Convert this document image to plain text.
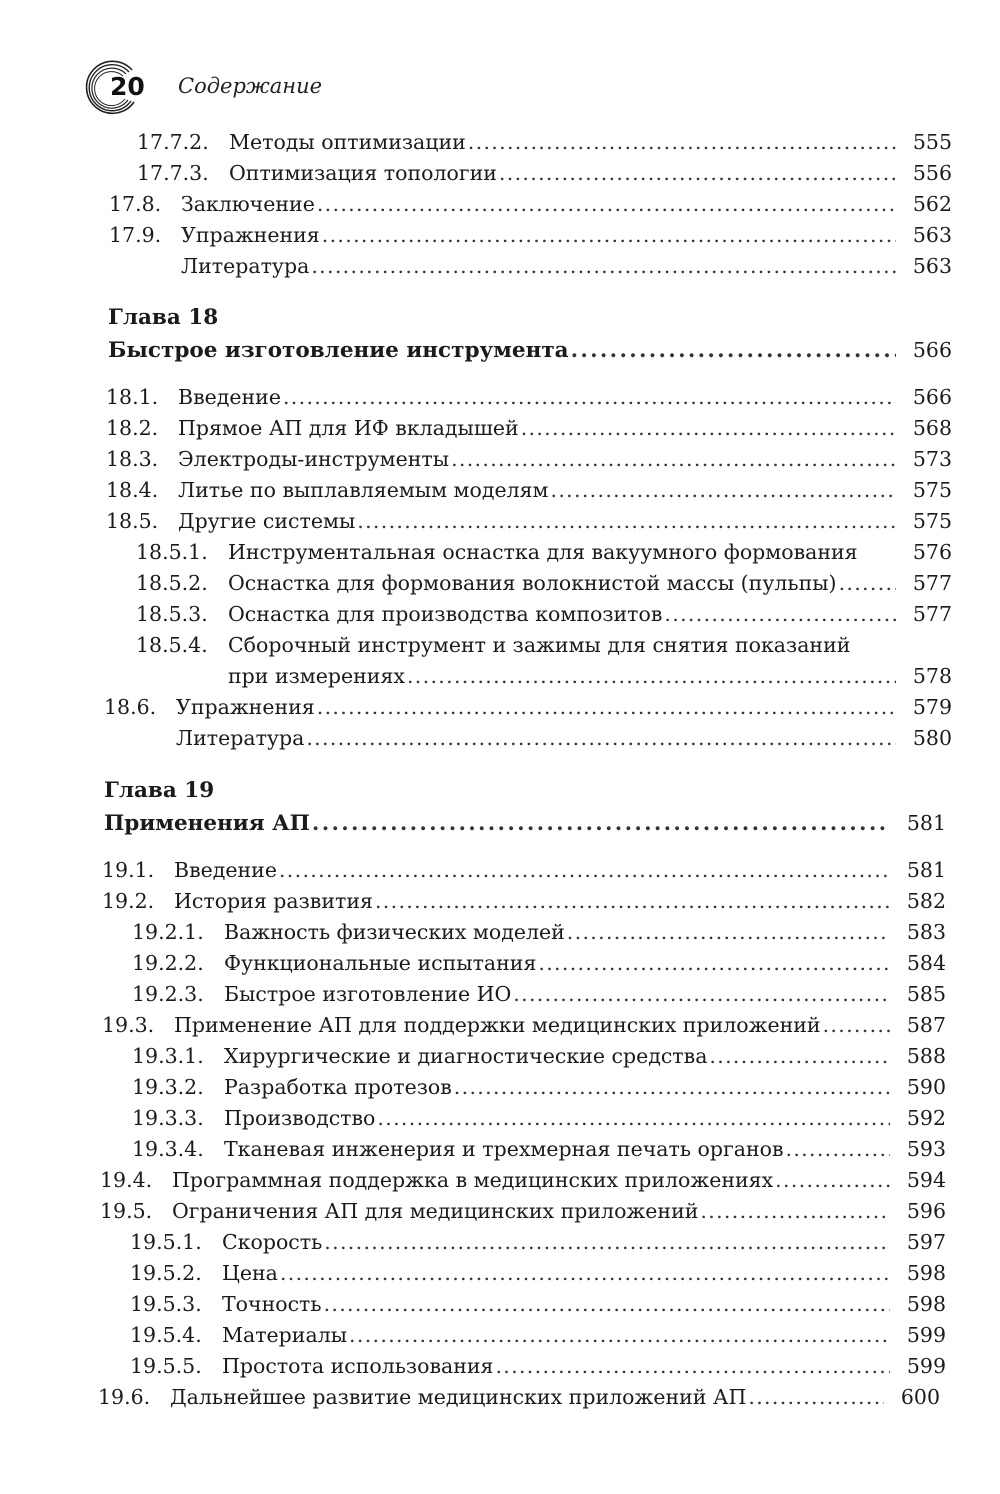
20 Содержание
17.7.2. Методы оптимизации . . .	555
17.7.3. Оптимизация топологии . . .	556
17.8. Заключение . . .	562
17.9. Упражнения . . .	563
Литература . . .	563
Глава 18
Быстрое изготовление инструмента . . .	566
18.1. Введение . . .	566
18.2. Прямое АП для ИФ вкладышей . . .	568
18.3. Электроды-инструменты . . .	573
18.4. Литье по выплавляемым моделям . . .	575
18.5. Другие системы . . .	575
18.5.1. Инструментальная оснастка для вакуумного формования	576
18.5.2. Оснастка для формования волокнистой массы (пульпы) . . .	577
18.5.3. Оснастка для производства композитов . . .	577
18.5.4. Сборочный инструмент и зажимы для снятия показаний
при измерениях . . .	578
18.6. Упражнения . . .	579
Литература . . .	580
Глава 19
Применения АП . . .	581
19.1. Введение . . .	581
19.2. История развития . . .	582
19.2.1. Важность физических моделей . . .	583
19.2.2. Функциональные испытания . . .	584
19.2.3. Быстрое изготовление ИО . . .	585
19.3. Применение АП для поддержки медицинских приложений . . .	587
19.3.1. Хирургические и диагностические средства . . .	588
19.3.2. Разработка протезов . . .	590
19.3.3. Производство . . .	592
19.3.4. Тканевая инженерия и трехмерная печать органов . . .	593
19.4. Программная поддержка в медицинских приложениях . . .	594
19.5. Ограничения АП для медицинских приложений . . .	596
19.5.1. Скорость . . .	597
19.5.2. Цена . . .	598
19.5.3. Точность . . .	598
19.5.4. Материалы . . .	599
19.5.5. Простота использования . . .	599
19.6. Дальнейшее развитие медицинских приложений АП . . .	600
